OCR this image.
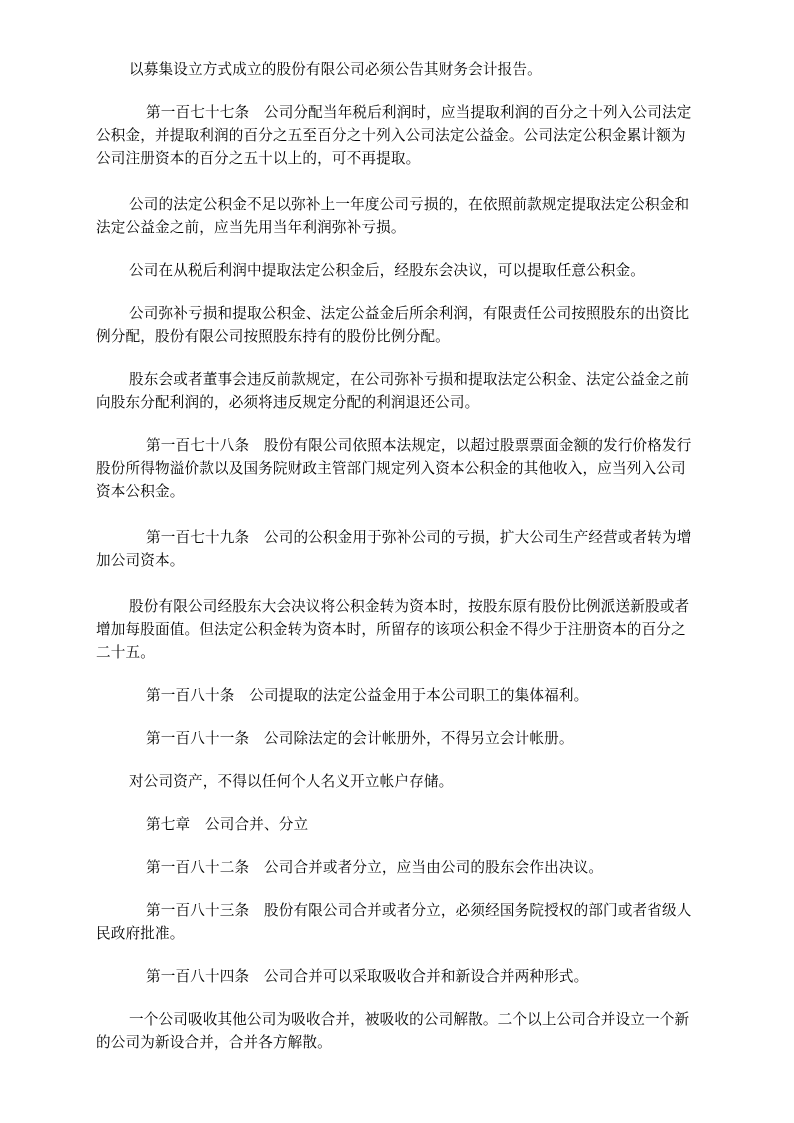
以募集设立方式成立的股份有限公司必须公告其财务会计报告。

第一百七十七条　公司分配当年税后利润时，应当提取利润的百分之十列入公司法定
公积金，并提取利润的百分之五至百分之十列入公司法定公益金。公司法定公积金累计额为
公司注册资本的百分之五十以上的，可不再提取。

公司的法定公积金不足以弥补上一年度公司亏损的，在依照前款规定提取法定公积金和
法定公益金之前，应当先用当年利润弥补亏损。

公司在从税后利润中提取法定公积金后，经股东会决议，可以提取任意公积金。

公司弥补亏损和提取公积金、法定公益金后所余利润，有限责任公司按照股东的出资比
例分配，股份有限公司按照股东持有的股份比例分配。

股东会或者董事会违反前款规定，在公司弥补亏损和提取法定公积金、法定公益金之前
向股东分配利润的，必须将违反规定分配的利润退还公司。

第一百七十八条　股份有限公司依照本法规定，以超过股票票面金额的发行价格发行
股份所得物溢价款以及国务院财政主管部门规定列入资本公积金的其他收入，应当列入公司
资本公积金。

第一百七十九条　公司的公积金用于弥补公司的亏损，扩大公司生产经营或者转为增
加公司资本。

股份有限公司经股东大会决议将公积金转为资本时，按股东原有股份比例派送新股或者
增加每股面值。但法定公积金转为资本时，所留存的该项公积金不得少于注册资本的百分之
二十五。

第一百八十条　公司提取的法定公益金用于本公司职工的集体福利。

第一百八十一条　公司除法定的会计帐册外，不得另立会计帐册。

对公司资产，不得以任何个人名义开立帐户存储。

第七章　公司合并、分立

第一百八十二条　公司合并或者分立，应当由公司的股东会作出决议。

第一百八十三条　股份有限公司合并或者分立，必须经国务院授权的部门或者省级人
民政府批准。

第一百八十四条　公司合并可以采取吸收合并和新设合并两种形式。

一个公司吸收其他公司为吸收合并，被吸收的公司解散。二个以上公司合并设立一个新
的公司为新设合并，合并各方解散。
